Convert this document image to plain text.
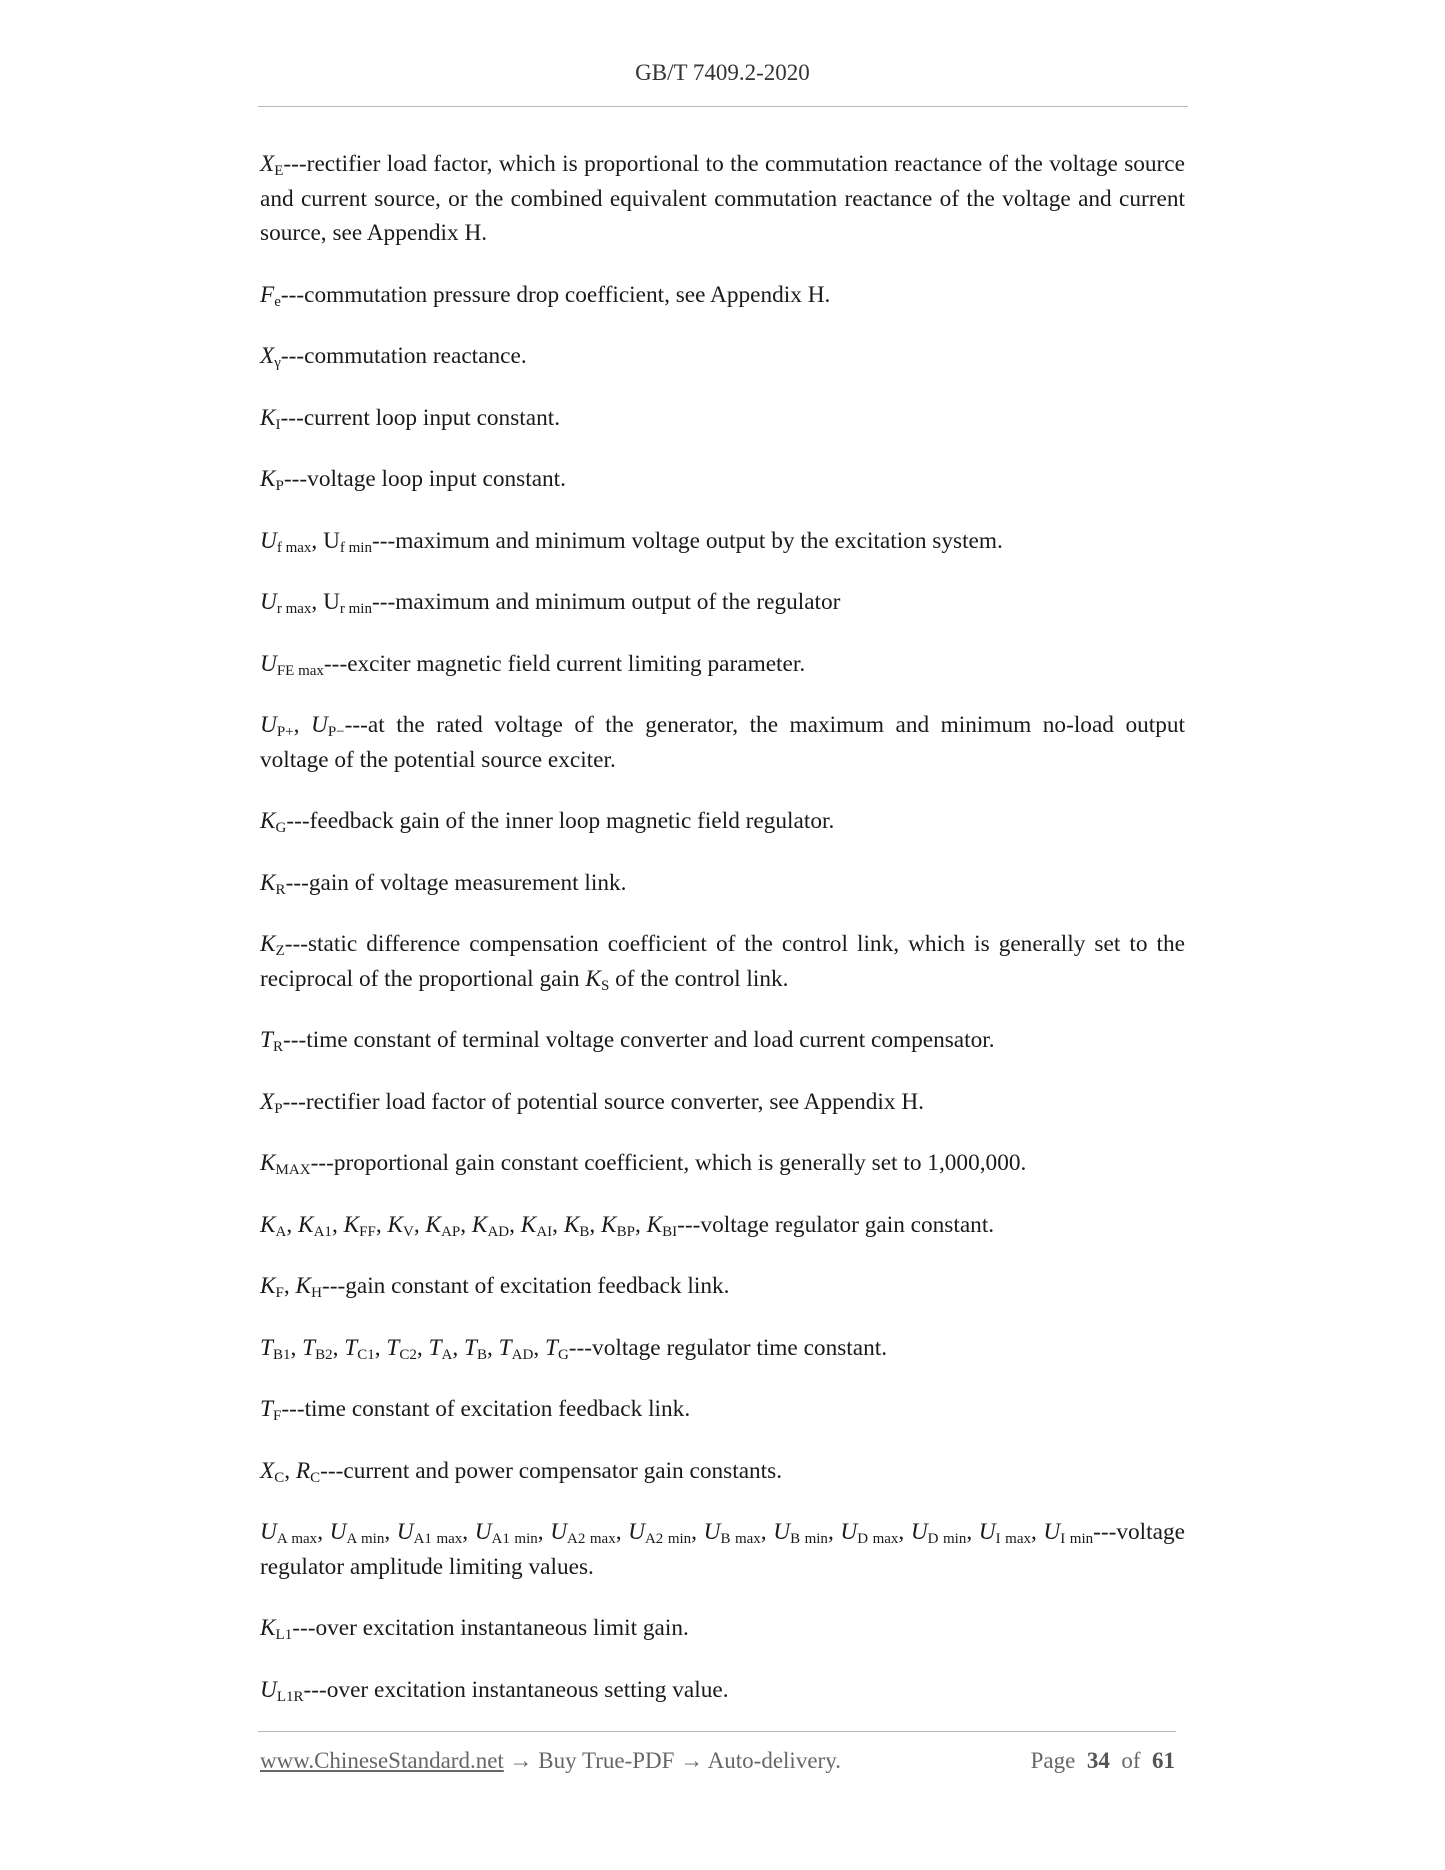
GB/T 7409.2-2020

$X_E--$-rectifier load factor, which is proportional to the commutation reactance of the voltage source and current source, or the combined equivalent commutation reactance of the voltage and current source, see Appendix H.

$F_e--$-commutation pressure drop coefficient, see Appendix H.

$X_\gamma--$-commutation reactance.

$K_I--$-current loop input constant.

$K_P--$-voltage loop input constant.

$U_{f max}$, $U_{f min}--$-maximum and minimum voltage output by the excitation system.

$U_{r max}$, $U_{r min}--$-maximum and minimum output of the regulator

$U_{FE max}--$-exciter magnetic field current limiting parameter.

$U_{P+}$, $U_{P-}---at$ the rated voltage of the generator, the maximum and minimum no-load output voltage of the potential source exciter.

$K_G--$-feedback gain of the inner loop magnetic field regulator.

$K_R--$-gain of voltage measurement link.

$K_Z--$-static difference compensation coefficient of the control link, which is generally set to the reciprocal of the proportional gain $K_S$ of the control link.

$T_R--$-time constant of terminal voltage converter and load current compensator.

$X_P--$-rectifier load factor of potential source converter, see Appendix H.

$K_{MAX}--$-proportional gain constant coefficient, which is generally set to 1,000,000.

$K_A$, $K_{A1}$, $K_{FF}$, $K_V$, $K_{AP}$, $K_{AD}$, $K_{AI}$, $K_B$, $K_{BP}$, $K_{BI}--$-voltage regulator gain constant.

$K_F$, $K_H--$-gain constant of excitation feedback link.

$T_{B1}$, $T_{B2}$, $T_{C1}$, $T_{C2}$, $T_A$, $T_B$, $T_{AD}$, $T_G--$-voltage regulator time constant.

$T_F--$-time constant of excitation feedback link.

$X_C$, $R_C--$-current and power compensator gain constants.

$U_{A max}$, $U_{A min}$, $U_{A1 max}$, $U_{A1 min}$, $U_{A2 max}$, $U_{A2 min}$, $U_{B max}$, $U_{B min}$, $U_{D max}$, $U_{D min}$, $U_{I max}$, $U_{I min}--$-voltage regulator amplitude limiting values.

$K_{L1}--$-over excitation instantaneous limit gain.

$U_{L1R}--$-over excitation instantaneous setting value.

www.ChineseStandard.net → Buy True-PDF → Auto-delivery.	Page 34 of 61
